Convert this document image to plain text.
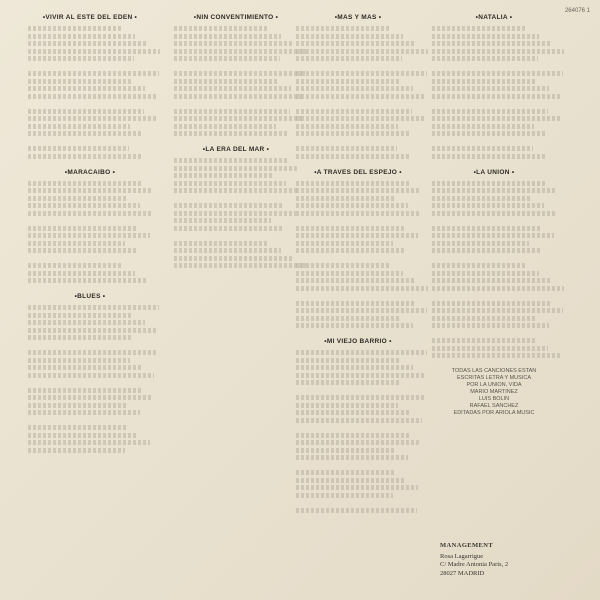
264076 1
• VIVIR AL ESTE DEL EDEN •
• MARACAIBO •
• BLUES •
• NIN CONVENTIMIENTO •
• LA ERA DEL MAR •
• MAS Y MAS •
• A TRAVES DEL ESPEJO •
• MI VIEJO BARRIO •
• NATALIA •
• LA UNION •
TODAS LAS CANCIONES ESTAN
ESCRITAS LETRA Y MUSICA
POR LA UNION, VIDA
MARIO MARTINEZ
LUIS BOLIN
RAFAEL SANCHEZ
EDITADAS POR ARIOLA MUSIC
MANAGEMENT
Rosa Lagarrigue
C/ Madre Antonia Paris, 2
28027 MADRID
